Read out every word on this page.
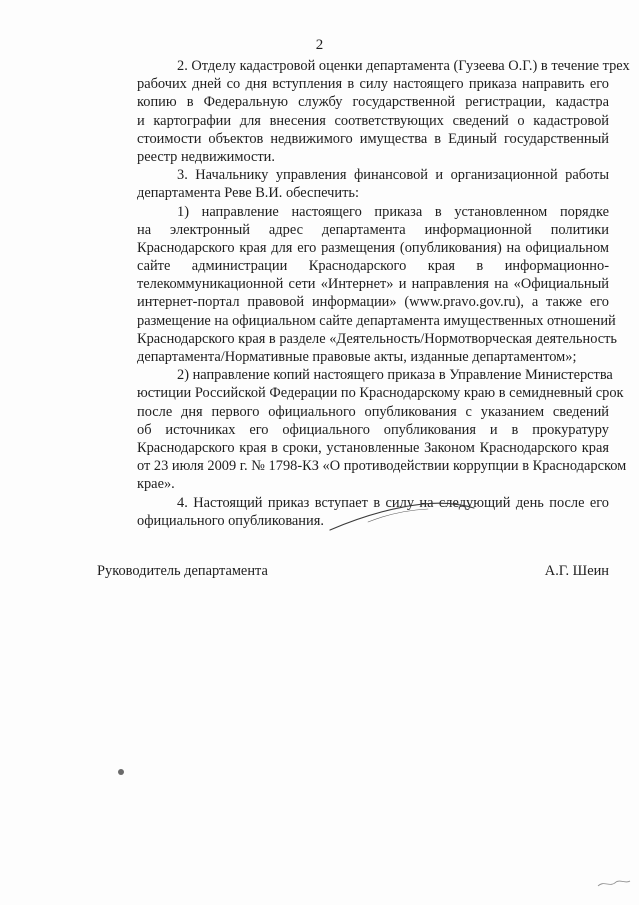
2
2. Отделу кадастровой оценки департамента (Гузеева О.Г.) в течение трех
рабочих дней со дня вступления в силу настоящего приказа направить его
копию в Федеральную службу государственной регистрации, кадастра
и картографии для внесения соответствующих сведений о кадастровой
стоимости объектов недвижимого имущества в Единый государственный
реестр недвижимости.
3. Начальнику управления финансовой и организационной работы
департамента Реве В.И. обеспечить:
1) направление настоящего приказа в установленном порядке
на электронный адрес департамента информационной политики
Краснодарского края для его размещения (опубликования) на официальном
сайте администрации Краснодарского края в информационно-
телекоммуникационной сети «Интернет» и направления на «Официальный
интернет-портал правовой информации» (www.pravo.gov.ru), а также его
размещение на официальном сайте департамента имущественных отношений
Краснодарского края в разделе «Деятельность/Нормотворческая деятельность
департамента/Нормативные правовые акты, изданные департаментом»;
2) направление копий настоящего приказа в Управление Министерства
юстиции Российской Федерации по Краснодарскому краю в семидневный срок
после дня первого официального опубликования с указанием сведений
об источниках его официального опубликования и в прокуратуру
Краснодарского края в сроки, установленные Законом Краснодарского края
от 23 июля 2009 г. № 1798-КЗ «О противодействии коррупции в Краснодарском
крае».
4. Настоящий приказ вступает в силу на следующий день после его
официального опубликования.
Руководитель департамента	А.Г. Шеин
